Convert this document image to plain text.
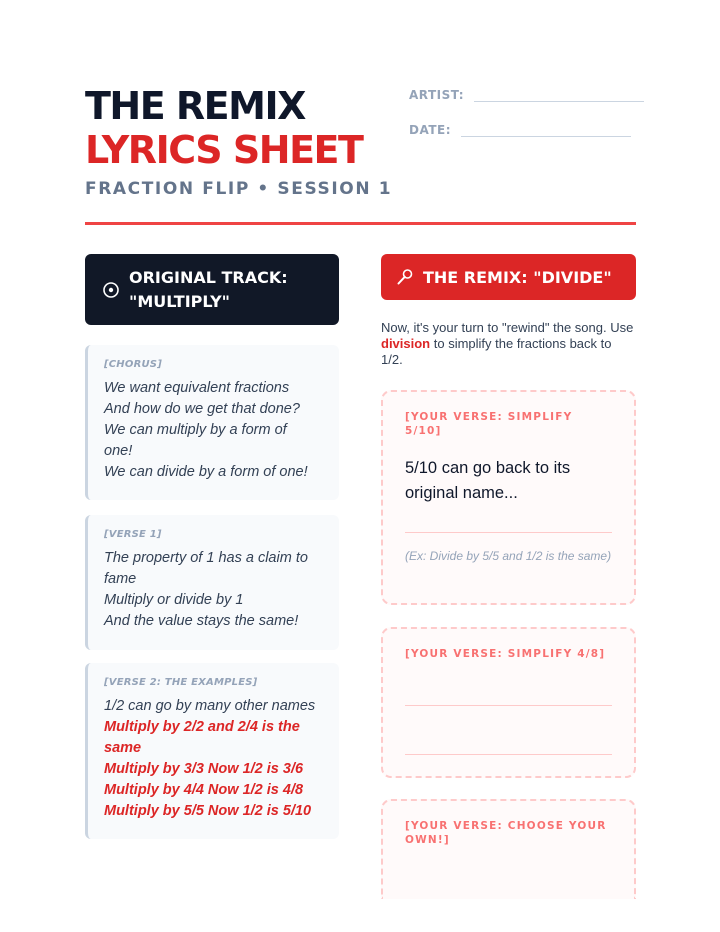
THE REMIX
LYRICS SHEET
FRACTION FLIP • SESSION 1
ARTIST:
DATE:
ORIGINAL TRACK: "MULTIPLY"
THE REMIX: "DIVIDE"
[CHORUS]
We want equivalent fractions
And how do we get that done?
We can multiply by a form of
one!
We can divide by a form of one!
[VERSE 1]
The property of 1 has a claim to
fame
Multiply or divide by 1
And the value stays the same!
[VERSE 2: THE EXAMPLES]
1/2 can go by many other names
Multiply by 2/2 and 2/4 is the
same
Multiply by 3/3 Now 1/2 is 3/6
Multiply by 4/4 Now 1/2 is 4/8
Multiply by 5/5 Now 1/2 is 5/10
Now, it's your turn to "rewind" the song. Use division to simplify the fractions back to 1/2.
[YOUR VERSE: SIMPLIFY 5/10]
5/10 can go back to its original name...
(Ex: Divide by 5/5 and 1/2 is the same)
[YOUR VERSE: SIMPLIFY 4/8]
[YOUR VERSE: CHOOSE YOUR OWN!]
